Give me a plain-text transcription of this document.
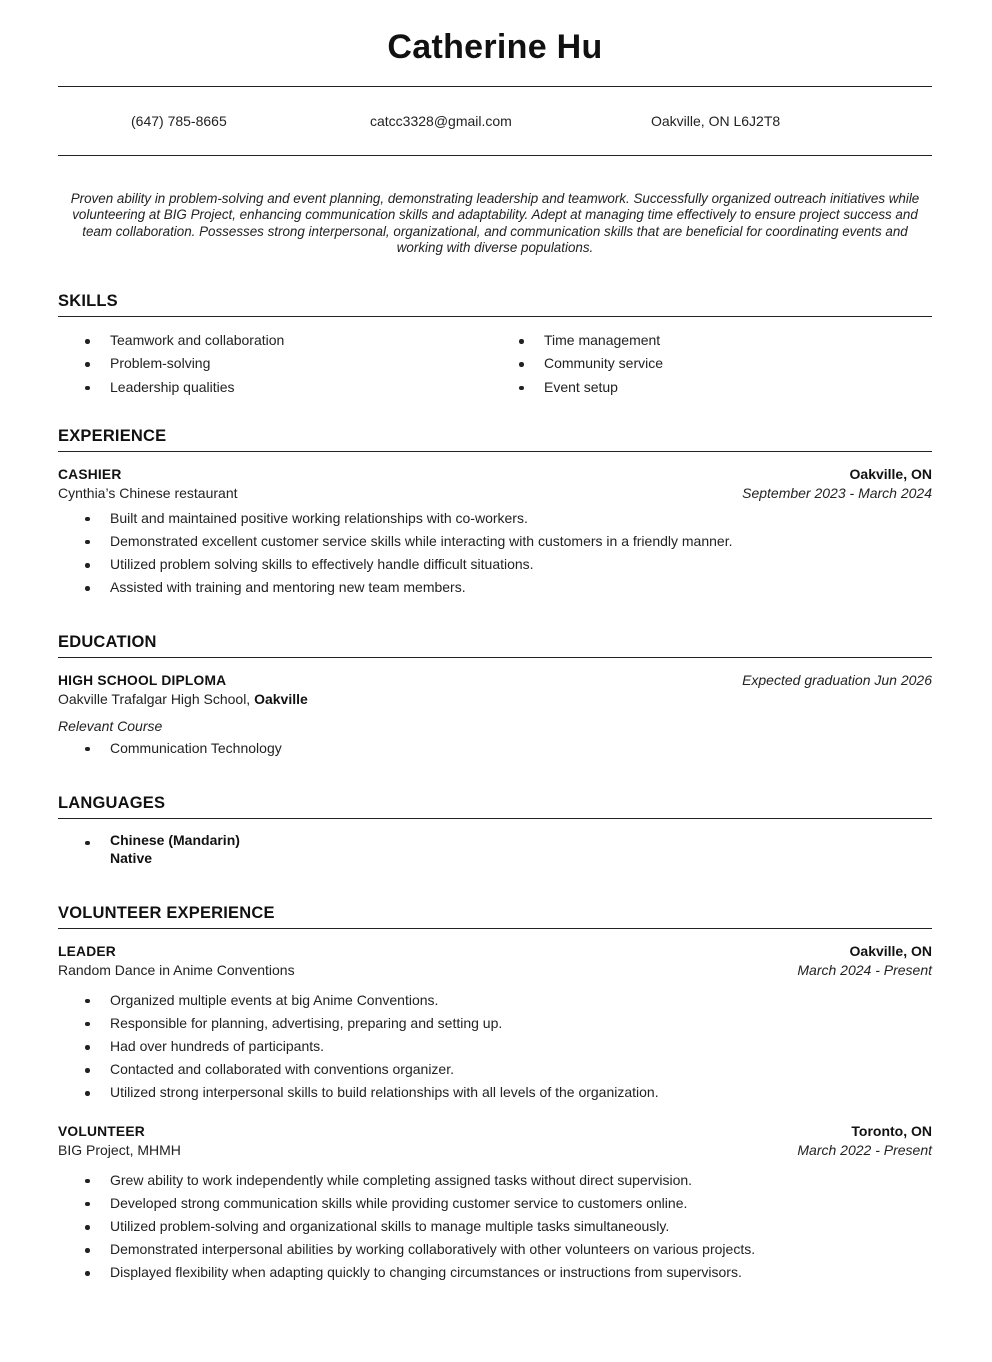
Catherine Hu
(647) 785-8665	catcc3328@gmail.com	Oakville, ON L6J2T8
Proven ability in problem-solving and event planning, demonstrating leadership and teamwork. Successfully organized outreach initiatives while volunteering at BIG Project, enhancing communication skills and adaptability. Adept at managing time effectively to ensure project success and team collaboration. Possesses strong interpersonal, organizational, and communication skills that are beneficial for coordinating events and working with diverse populations.
SKILLS
Teamwork and collaboration
Problem-solving
Leadership qualities
Time management
Community service
Event setup
EXPERIENCE
CASHIER	Oakville, ON
Cynthia’s Chinese restaurant	September 2023 - March 2024
Built and maintained positive working relationships with co-workers.
Demonstrated excellent customer service skills while interacting with customers in a friendly manner.
Utilized problem solving skills to effectively handle difficult situations.
Assisted with training and mentoring new team members.
EDUCATION
HIGH SCHOOL DIPLOMA	Expected graduation Jun 2026
Oakville Trafalgar High School, Oakville
Relevant Course
Communication Technology
LANGUAGES
Chinese (Mandarin)
Native
VOLUNTEER EXPERIENCE
LEADER	Oakville, ON
Random Dance in Anime Conventions	March 2024 - Present
Organized multiple events at big Anime Conventions.
Responsible for planning, advertising, preparing and setting up.
Had over hundreds of participants.
Contacted and collaborated with conventions organizer.
Utilized strong interpersonal skills to build relationships with all levels of the organization.
VOLUNTEER	Toronto, ON
BIG Project, MHMH	March 2022 - Present
Grew ability to work independently while completing assigned tasks without direct supervision.
Developed strong communication skills while providing customer service to customers online.
Utilized problem-solving and organizational skills to manage multiple tasks simultaneously.
Demonstrated interpersonal abilities by working collaboratively with other volunteers on various projects.
Displayed flexibility when adapting quickly to changing circumstances or instructions from supervisors.
